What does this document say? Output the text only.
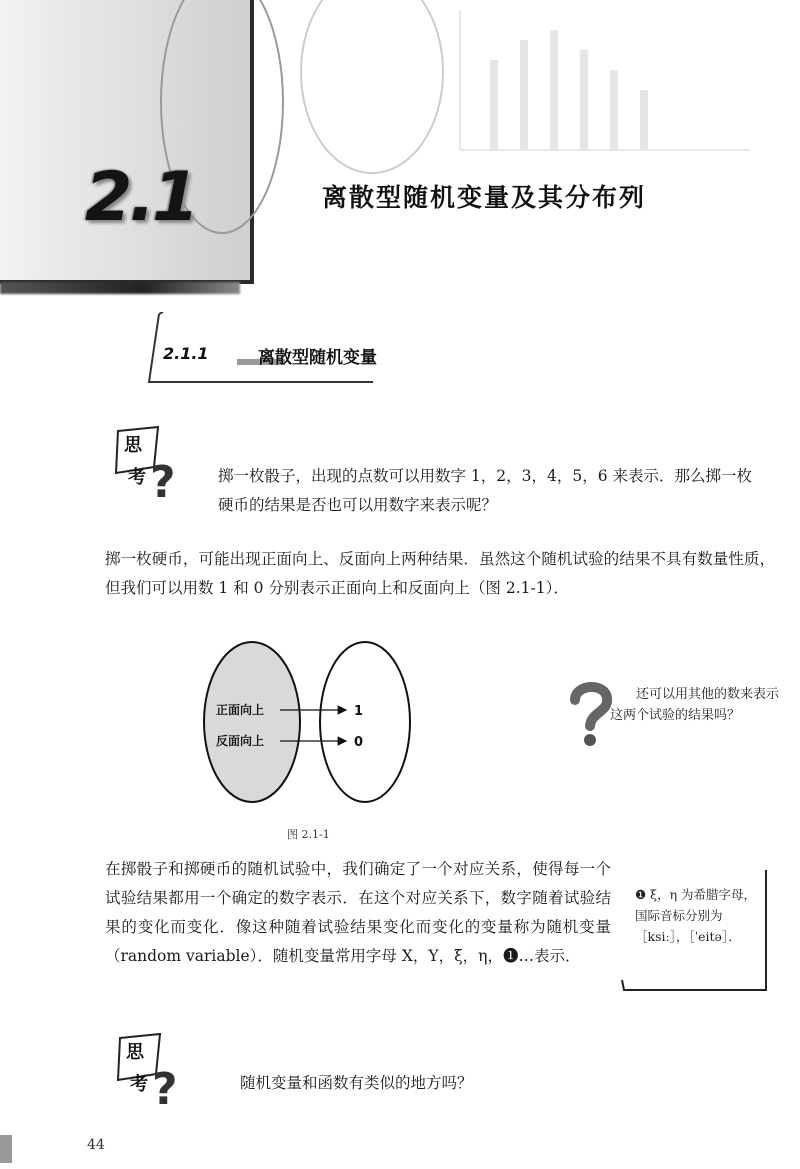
2.1	离散型随机变量及其分布列
2.1.1	离散型随机变量
思
考 ?	掷一枚骰子，出现的点数可以用数字 1，2，3，4，5，6 来表示．那么掷一枚硬币的结果是否也可以用数字来表示呢？
掷一枚硬币，可能出现正面向上、反面向上两种结果．虽然这个随机试验的结果不具有数量性质，但我们可以用数 1 和 0 分别表示正面向上和反面向上（图 2.1-1）．
正面向上
反面向上
1
0
图 2.1-1
还可以用其他的数来表示这两个试验的结果吗？
在掷骰子和掷硬币的随机试验中，我们确定了一个对应关系，使得每一个试验结果都用一个确定的数字表示．在这个对应关系下，数字随着试验结果的变化而变化．像这种随着试验结果变化而变化的变量称为随机变量（random variable）．随机变量常用字母 X，Y，ξ，η，❶…表示．
❶ ξ，η 为希腊字母，国际音标分别为［ksiː］，［ˈeitə］．
思
考 ?	随机变量和函数有类似的地方吗？
44
